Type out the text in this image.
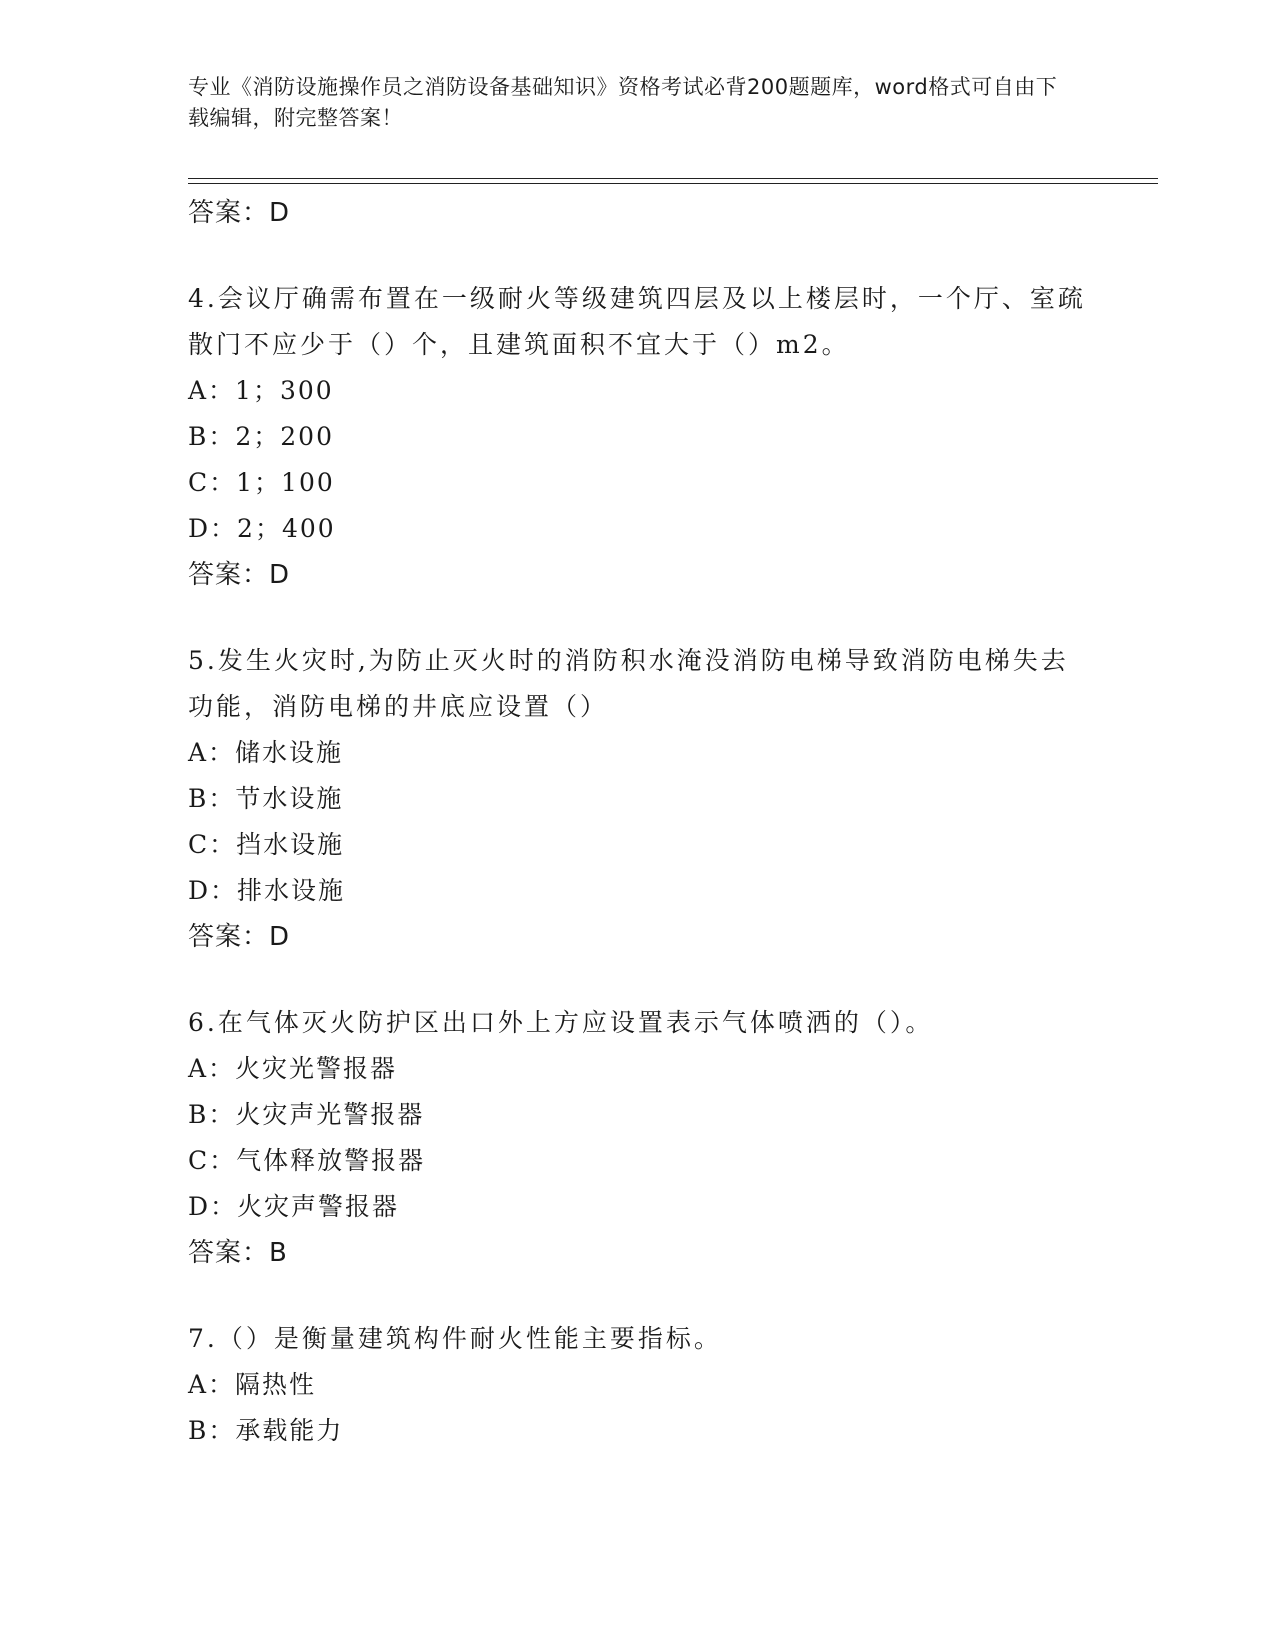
专业《消防设施操作员之消防设备基础知识》资格考试必背200题题库，word格式可自由下载编辑，附完整答案！
答案：D
4.会议厅确需布置在一级耐火等级建筑四层及以上楼层时，一个厅、室疏散门不应少于（）个，且建筑面积不宜大于（）m2。
A：1；300
B：2；200
C：1；100
D：2；400
答案：D
5.发生火灾时,为防止灭火时的消防积水淹没消防电梯导致消防电梯失去功能，消防电梯的井底应设置（）
A：储水设施
B：节水设施
C：挡水设施
D：排水设施
答案：D
6.在气体灭火防护区出口外上方应设置表示气体喷洒的（）。
A：火灾光警报器
B：火灾声光警报器
C：气体释放警报器
D：火灾声警报器
答案：B
7.（）是衡量建筑构件耐火性能主要指标。
A：隔热性
B：承载能力
